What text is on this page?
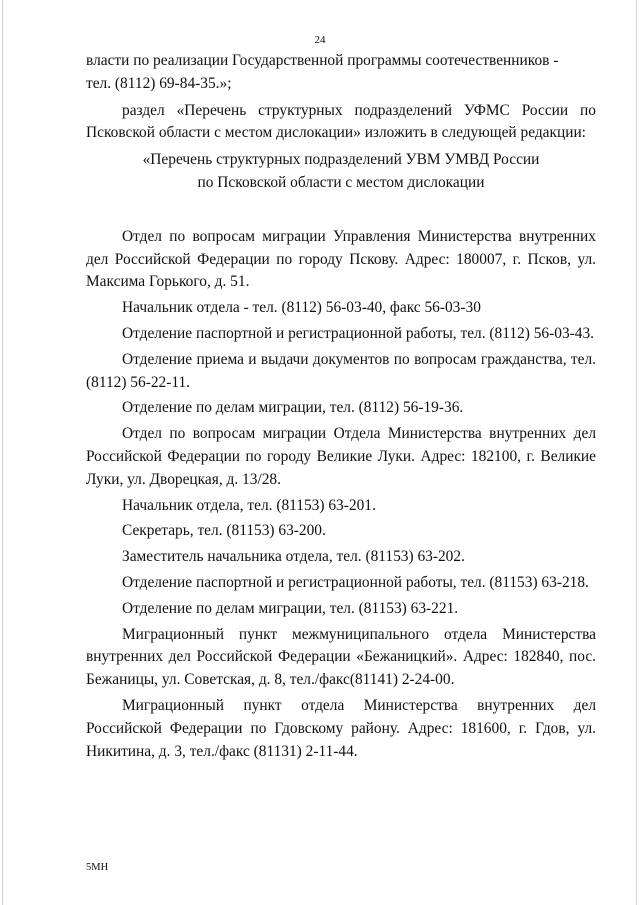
24

власти по реализации Государственной программы соотечественников -
тел. (8112) 69-84-35.»;

раздел «Перечень структурных подразделений УФМС России по Псковской области с местом дислокации» изложить в следующей редакции:

«Перечень структурных подразделений УВМ УМВД России

по Псковской области с местом дислокации

Отдел по вопросам миграции Управления Министерства внутренних дел Российской Федерации по городу Пскову. Адрес: 180007, г. Псков, ул. Максима Горького, д. 51.

Начальник отдела - тел. (8112) 56-03-40, факс 56-03-30

Отделение паспортной и регистрационной работы, тел. (8112) 56-03-43.

Отделение приема и выдачи документов по вопросам гражданства, тел. (8112) 56-22-11.

Отделение по делам миграции, тел. (8112) 56-19-36.

Отдел по вопросам миграции Отдела Министерства внутренних дел Российской Федерации по городу Великие Луки. Адрес: 182100, г. Великие Луки, ул. Дворецкая, д. 13/28.

Начальник отдела, тел. (81153) 63-201.

Секретарь, тел. (81153) 63-200.

Заместитель начальника отдела, тел. (81153) 63-202.

Отделение паспортной и регистрационной работы, тел. (81153) 63-218.

Отделение по делам миграции, тел. (81153) 63-221.

Миграционный пункт межмуниципального отдела Министерства внутренних дел Российской Федерации «Бежаницкий». Адрес: 182840, пос. Бежаницы, ул. Советская, д. 8, тел./факс(81141) 2-24-00.

Миграционный пункт отдела Министерства внутренних дел Российской Федерации по Гдовскому району. Адрес: 181600, г. Гдов, ул. Никитина, д. 3, тел./факс (81131) 2-11-44.

5МН
